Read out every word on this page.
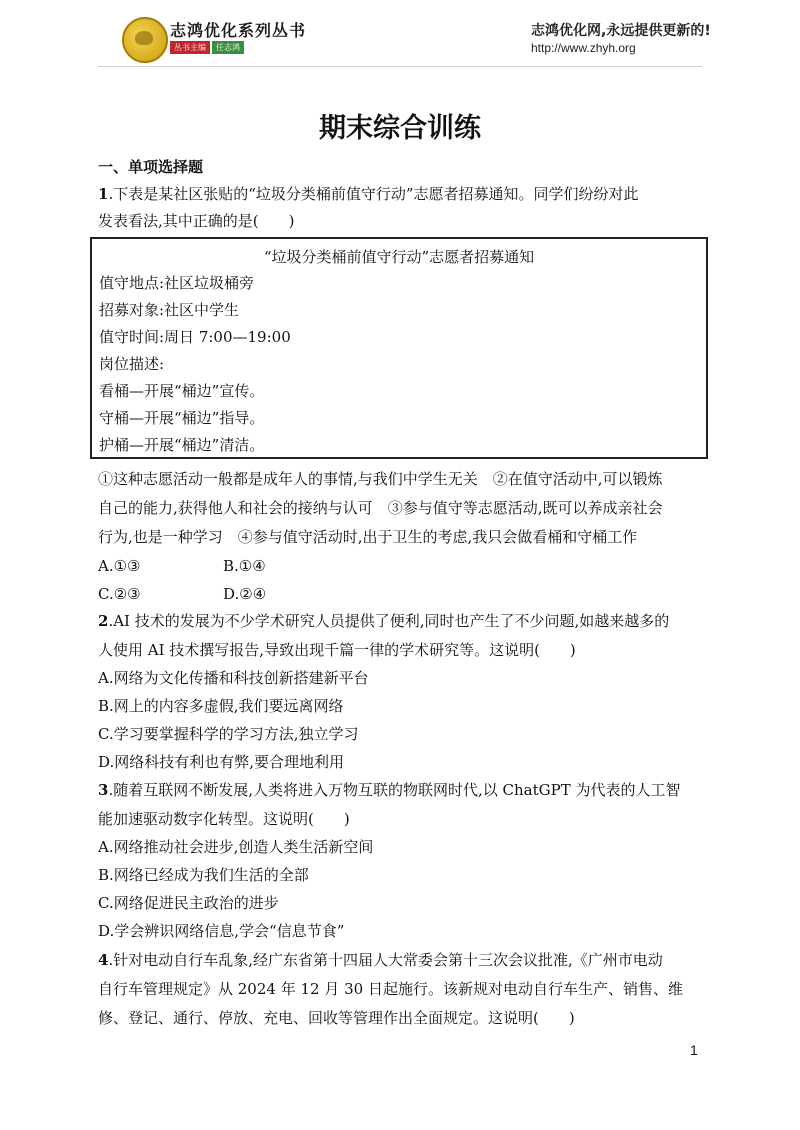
志鸿优化系列丛书
丛书主编	任志鸿
志鸿优化网,永远提供更新的!
http://www.zhyh.org
期末综合训练
一、单项选择题
1.下表是某社区张贴的“垃圾分类桶前值守行动”志愿者招募通知。同学们纷纷对此
发表看法,其中正确的是(　　)
“垃圾分类桶前值守行动”志愿者招募通知
值守地点:社区垃圾桶旁
招募对象:社区中学生
值守时间:周日 7:00—19:00
岗位描述:
看桶—开展“桶边”宣传。
守桶—开展“桶边”指导。
护桶—开展“桶边”清洁。
①这种志愿活动一般都是成年人的事情,与我们中学生无关　②在值守活动中,可以锻炼
自己的能力,获得他人和社会的接纳与认可　③参与值守等志愿活动,既可以养成亲社会
行为,也是一种学习　④参与值守活动时,出于卫生的考虑,我只会做看桶和守桶工作
A.①③	B.①④
C.②③	D.②④
2.AI 技术的发展为不少学术研究人员提供了便利,同时也产生了不少问题,如越来越多的
人使用 AI 技术撰写报告,导致出现千篇一律的学术研究等。这说明(　　)
A.网络为文化传播和科技创新搭建新平台
B.网上的内容多虚假,我们要远离网络
C.学习要掌握科学的学习方法,独立学习
D.网络科技有利也有弊,要合理地利用
3.随着互联网不断发展,人类将进入万物互联的物联网时代,以 ChatGPT 为代表的人工智
能加速驱动数字化转型。这说明(　　)
A.网络推动社会进步,创造人类生活新空间
B.网络已经成为我们生活的全部
C.网络促进民主政治的进步
D.学会辨识网络信息,学会“信息节食”
4.针对电动自行车乱象,经广东省第十四届人大常委会第十三次会议批准,《广州市电动
自行车管理规定》从 2024 年 12 月 30 日起施行。该新规对电动自行车生产、销售、维
修、登记、通行、停放、充电、回收等管理作出全面规定。这说明(　　)
1
